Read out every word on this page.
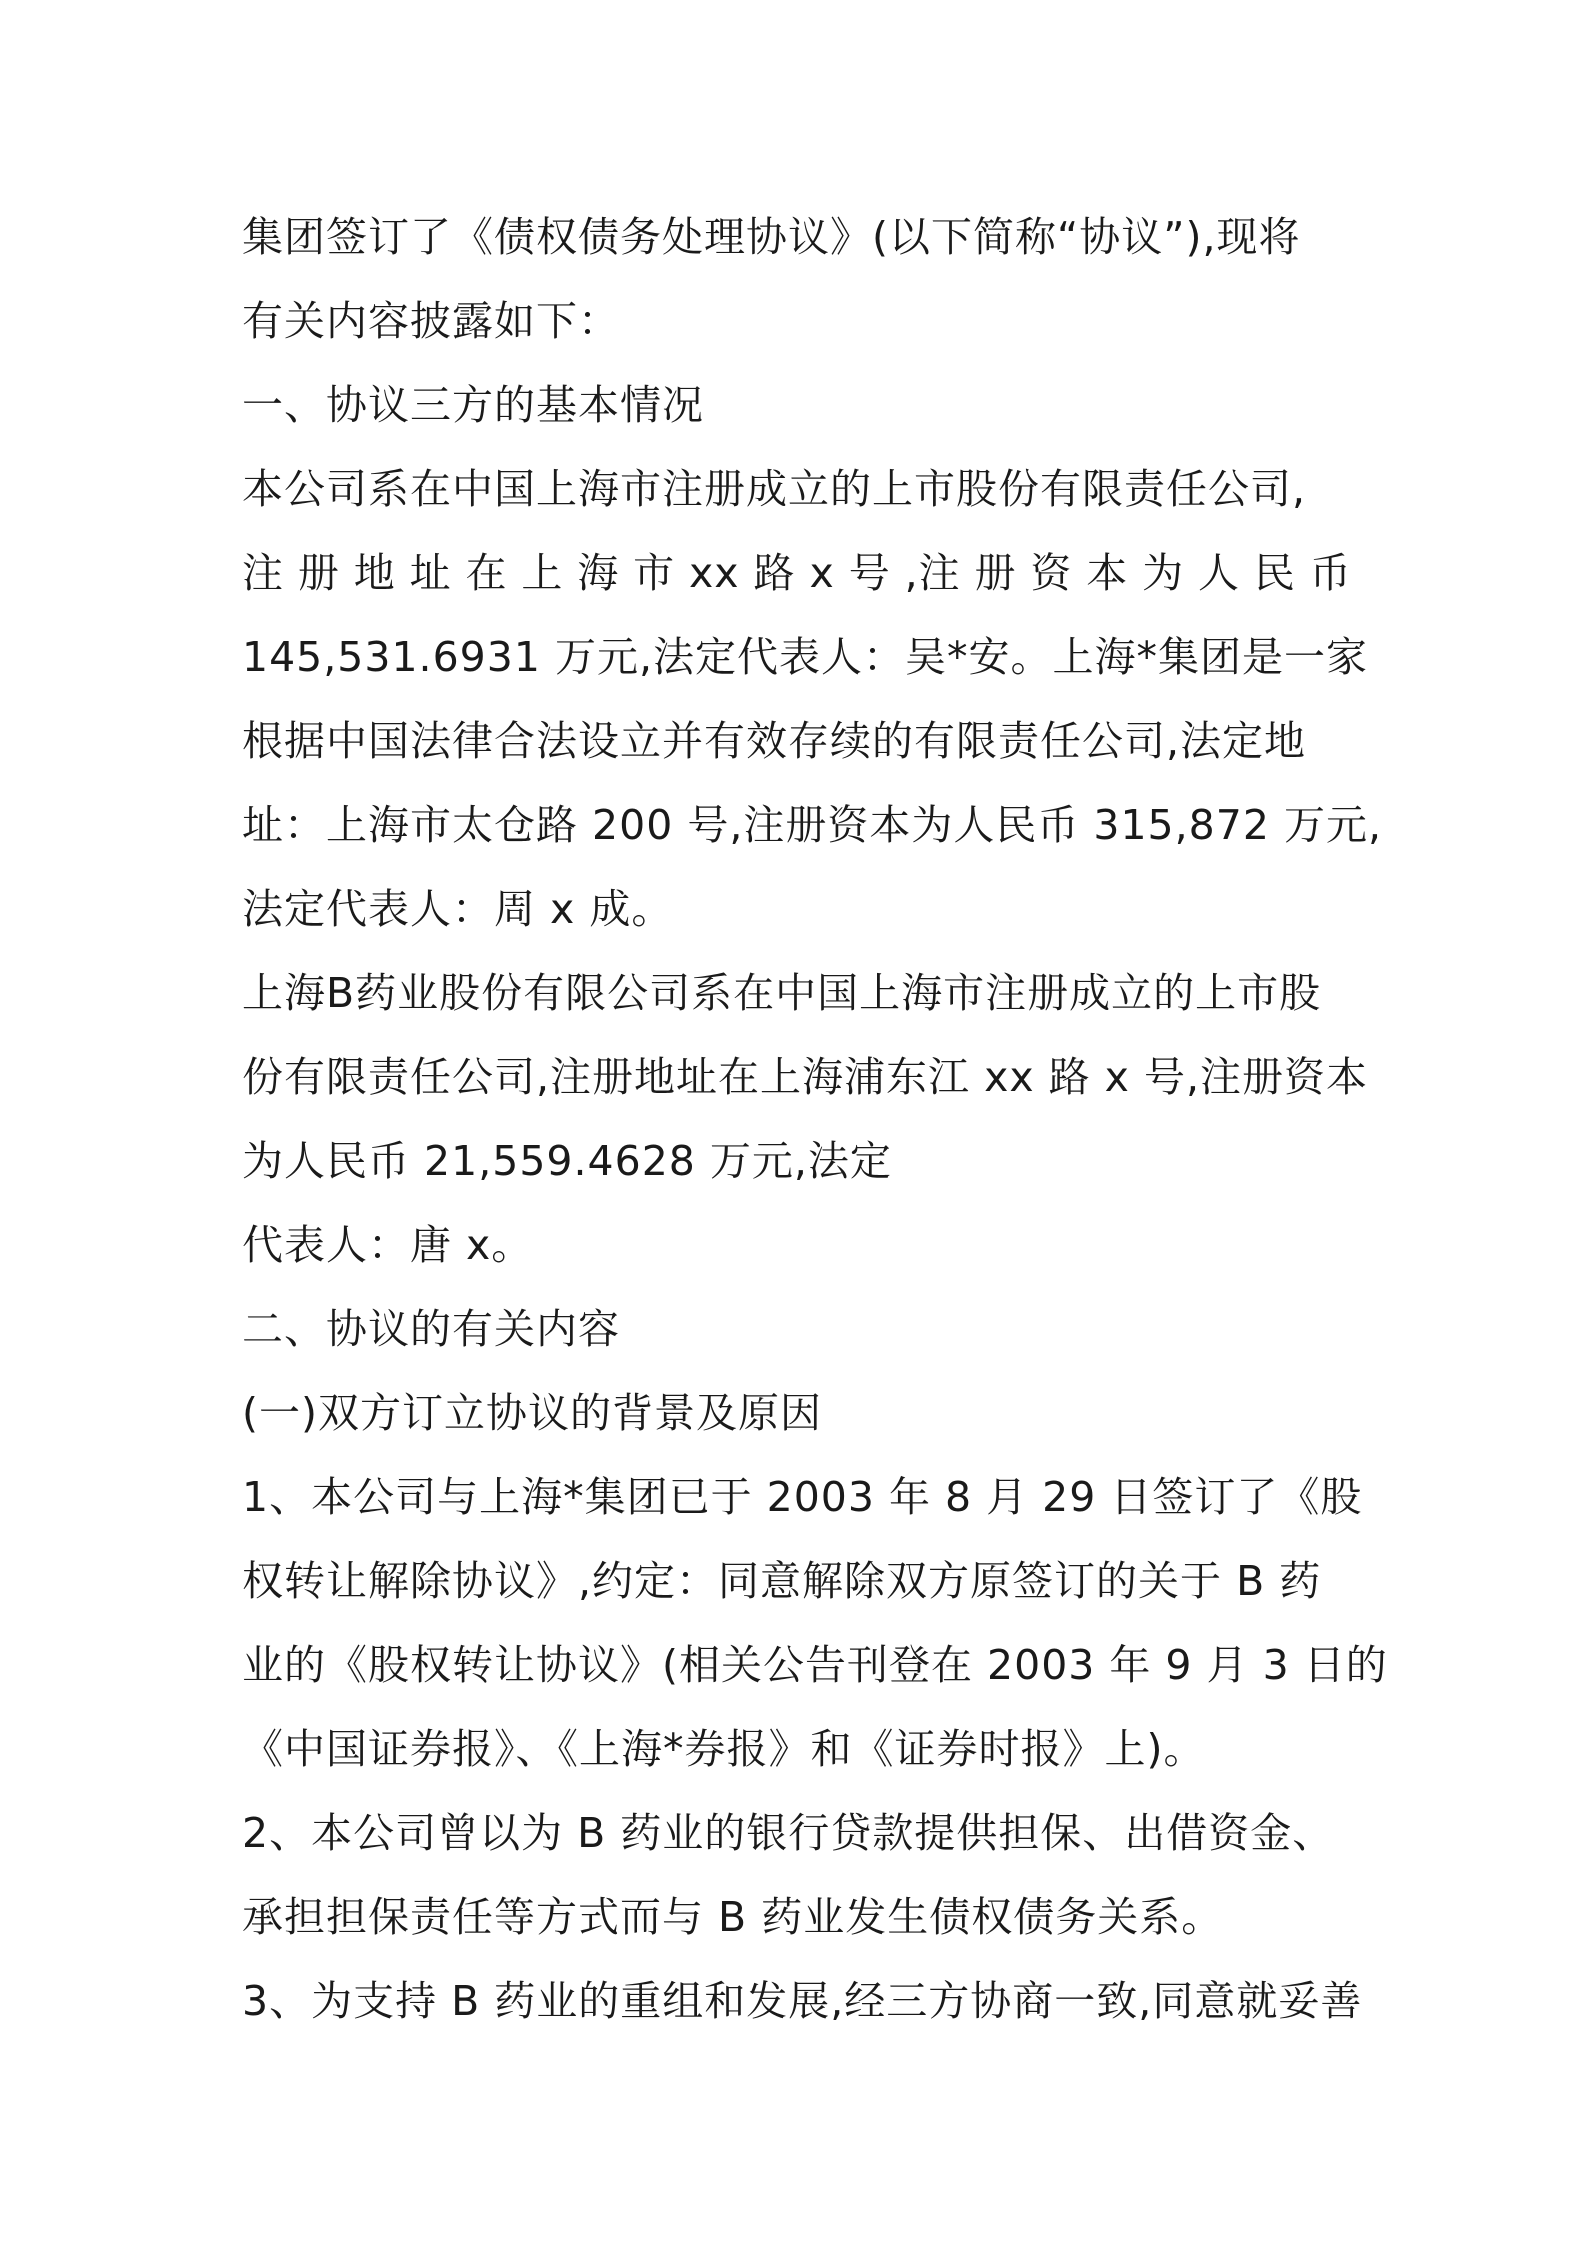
集团签订了《债权债务处理协议》(以下简称“协议”),现将
有关内容披露如下：
一、协议三方的基本情况
本公司系在中国上海市注册成立的上市股份有限责任公司,
注 册 地 址 在 上 海 市 xx 路 x 号 ,注 册 资 本 为 人 民 币
145,531.6931 万元,法定代表人：吴*安。上海*集团是一家
根据中国法律合法设立并有效存续的有限责任公司,法定地
址：上海市太仓路 200 号,注册资本为人民币 315,872 万元,
法定代表人：周 x 成。
上海B药业股份有限公司系在中国上海市注册成立的上市股
份有限责任公司,注册地址在上海浦东江 xx 路 x 号,注册资本
为人民币 21,559.4628 万元,法定
代表人：唐 x。
二、协议的有关内容
(一)双方订立协议的背景及原因
1、本公司与上海*集团已于 2003 年 8 月 29 日签订了《股
权转让解除协议》,约定：同意解除双方原签订的关于 B 药
业的《股权转让协议》(相关公告刊登在 2003 年 9 月 3 日的
《中国证券报》、《上海*券报》和《证券时报》上)。
2、本公司曾以为 B 药业的银行贷款提供担保、出借资金、
承担担保责任等方式而与 B 药业发生债权债务关系。
3、为支持 B 药业的重组和发展,经三方协商一致,同意就妥善
